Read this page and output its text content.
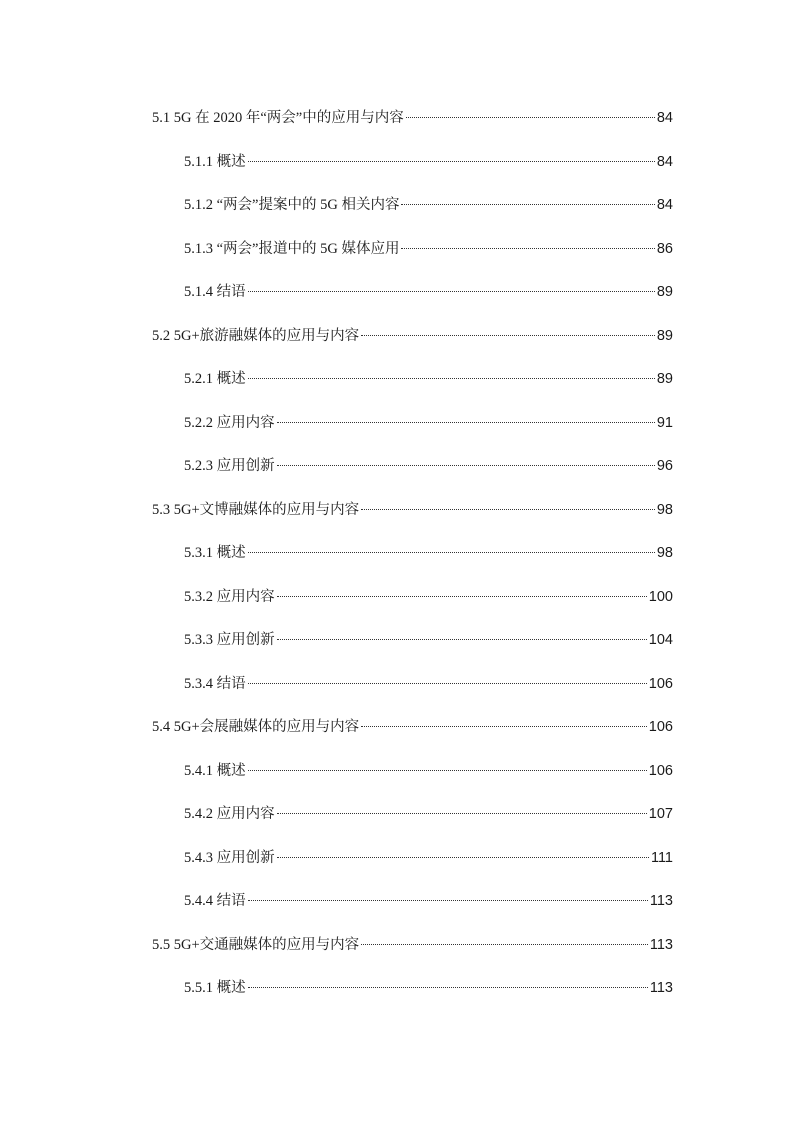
5.1 5G 在 2020 年“两会”中的应用与内容	84
5.1.1 概述	84
5.1.2 “两会”提案中的 5G 相关内容	84
5.1.3 “两会”报道中的 5G 媒体应用	86
5.1.4 结语	89
5.2 5G+旅游融媒体的应用与内容	89
5.2.1 概述	89
5.2.2 应用内容	91
5.2.3 应用创新	96
5.3 5G+文博融媒体的应用与内容	98
5.3.1 概述	98
5.3.2 应用内容	100
5.3.3 应用创新	104
5.3.4 结语	106
5.4 5G+会展融媒体的应用与内容	106
5.4.1 概述	106
5.4.2 应用内容	107
5.4.3 应用创新	111
5.4.4 结语	113
5.5 5G+交通融媒体的应用与内容	113
5.5.1 概述	113
